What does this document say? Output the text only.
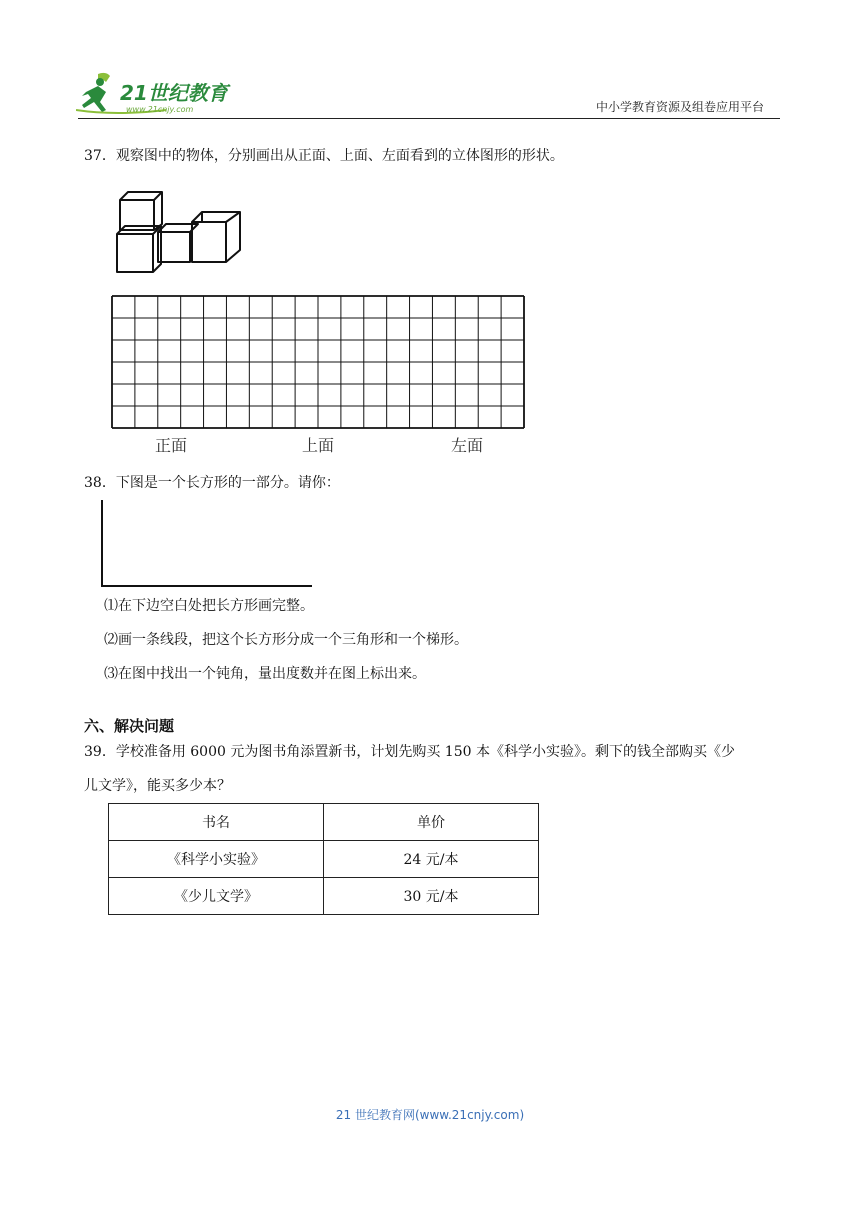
21世纪教育
www.21cnjy.com	中小学教育资源及组卷应用平台
37．观察图中的物体，分别画出从正面、上面、左面看到的立体图形的形状。
正面	上面	左面
38．下图是一个长方形的一部分。请你：
⑴在下边空白处把长方形画完整。
⑵画一条线段，把这个长方形分成一个三角形和一个梯形。
⑶在图中找出一个钝角，量出度数并在图上标出来。
六、解决问题
39．学校准备用 6000 元为图书角添置新书，计划先购买 150 本《科学小实验》。剩下的钱全部购买《少
儿文学》，能买多少本？
书名	单价
《科学小实验》	24 元/本
《少儿文学》	30 元/本
21 世纪教育网(www.21cnjy.com)
